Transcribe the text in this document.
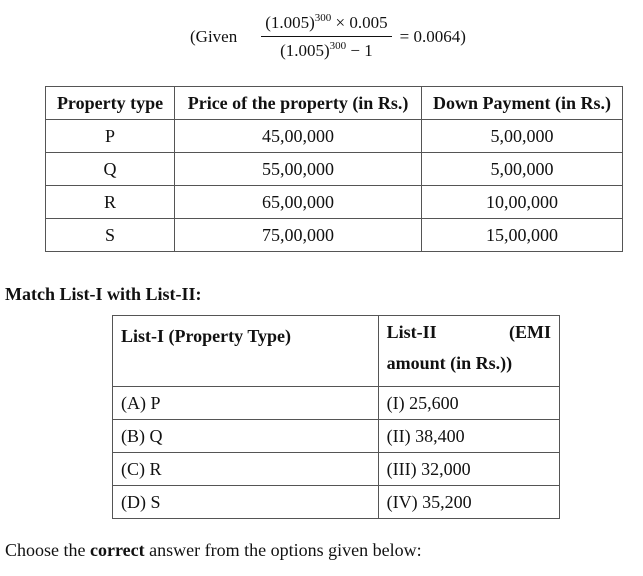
(Given $\frac{(1.005)^{300} \times 0.005}{(1.005)^{300} - 1} = 0.0064$)
Property type	Price of the property (in Rs.)	Down Payment (in Rs.)
P	45,00,000	5,00,000
Q	55,00,000	5,00,000
R	65,00,000	10,00,000
S	75,00,000	15,00,000
Match List-I with List-II:
List-I (Property Type)	List-II (EMI
amount (in Rs.))

(A) P	(I) 25,600
(B) Q	(II) 38,400
(C) R	(III) 32,000
(D) S	(IV) 35,200
Choose the correct answer from the options given below:
